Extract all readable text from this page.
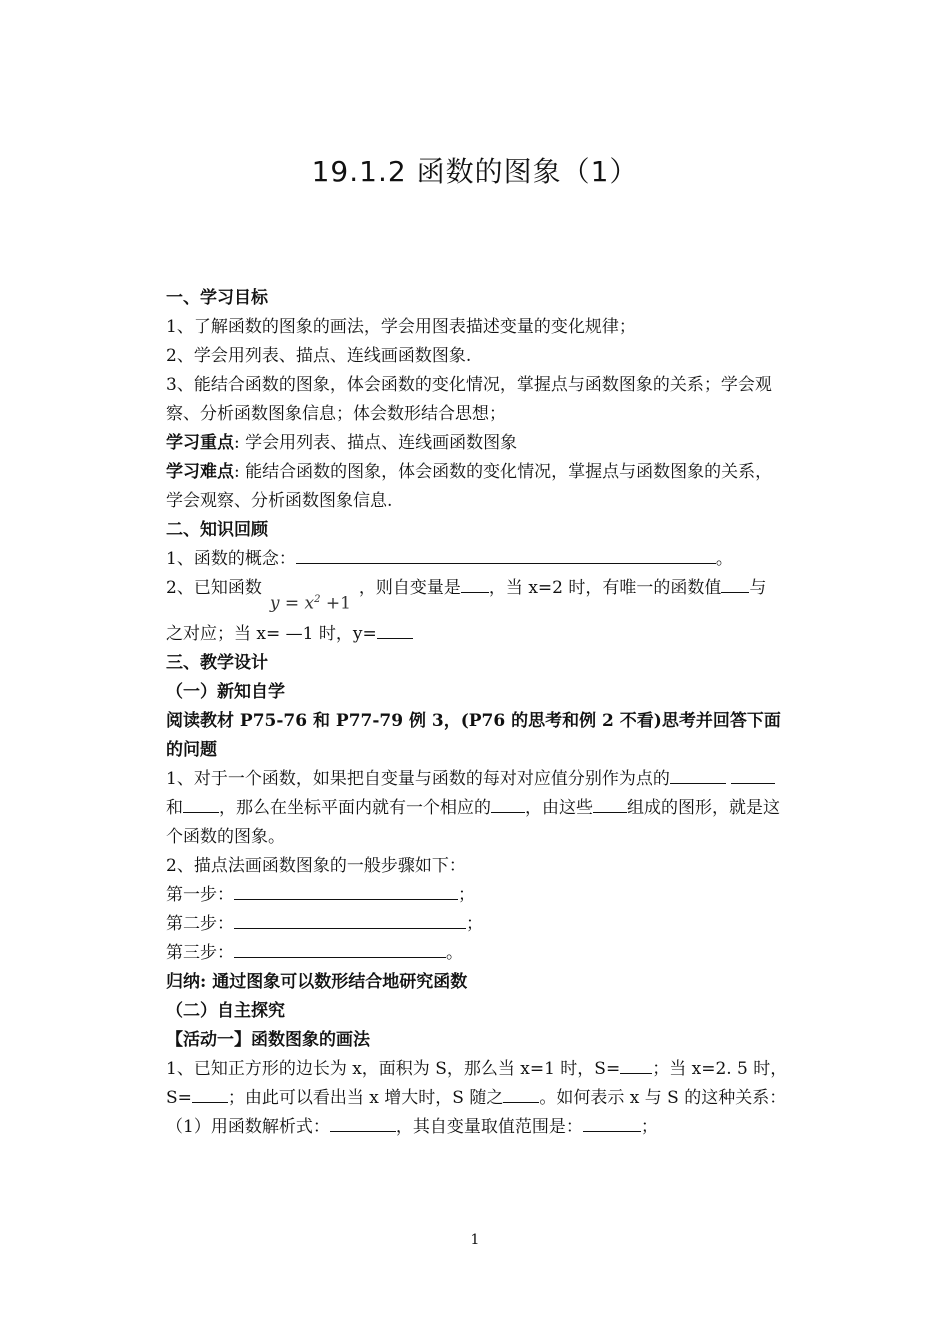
19.1.2 函数的图象（1）
一、学习目标
1、了解函数的图象的画法，学会用图表描述变量的变化规律；
2、学会用列表、描点、连线画函数图象.
3、能结合函数的图象，体会函数的变化情况，掌握点与函数图象的关系；学会观察、分析函数图象信息；体会数形结合思想；
学习重点: 学会用列表、描点、连线画函数图象
学习难点: 能结合函数的图象，体会函数的变化情况，掌握点与函数图象的关系，学会观察、分析函数图象信息.
二、知识回顾
1、函数的概念：	。
2、已知函数$y = x^2 +1$，则自变量是 ，当 x=2 时，有唯一的函数值 与
之对应；当 x= —1 时，y=
三、教学设计
（一）新知自学
阅读教材 P75-76 和 P77-79 例 3，(P76 的思考和例 2 不看)思考并回答下面的问题
1、对于一个函数，如果把自变量与函数的每对对应值分别作为点的 和 ，那么在坐标平面内就有一个相应的 ，由这些 组成的图形，就是这个函数的图象。
2、描点法画函数图象的一般步骤如下：
第一步：	；
第二步：	；
第三步：	。
归纳: 通过图象可以数形结合地研究函数
（二）自主探究
【活动一】函数图象的画法
1、已知正方形的边长为 x，面积为 S，那么当 x=1 时，S= ；当 x=2. 5 时，
S= ；由此可以看出当 x 增大时，S 随之 。如何表示 x 与 S 的这种关系：
（1）用函数解析式：	，其自变量取值范围是：	；
1
